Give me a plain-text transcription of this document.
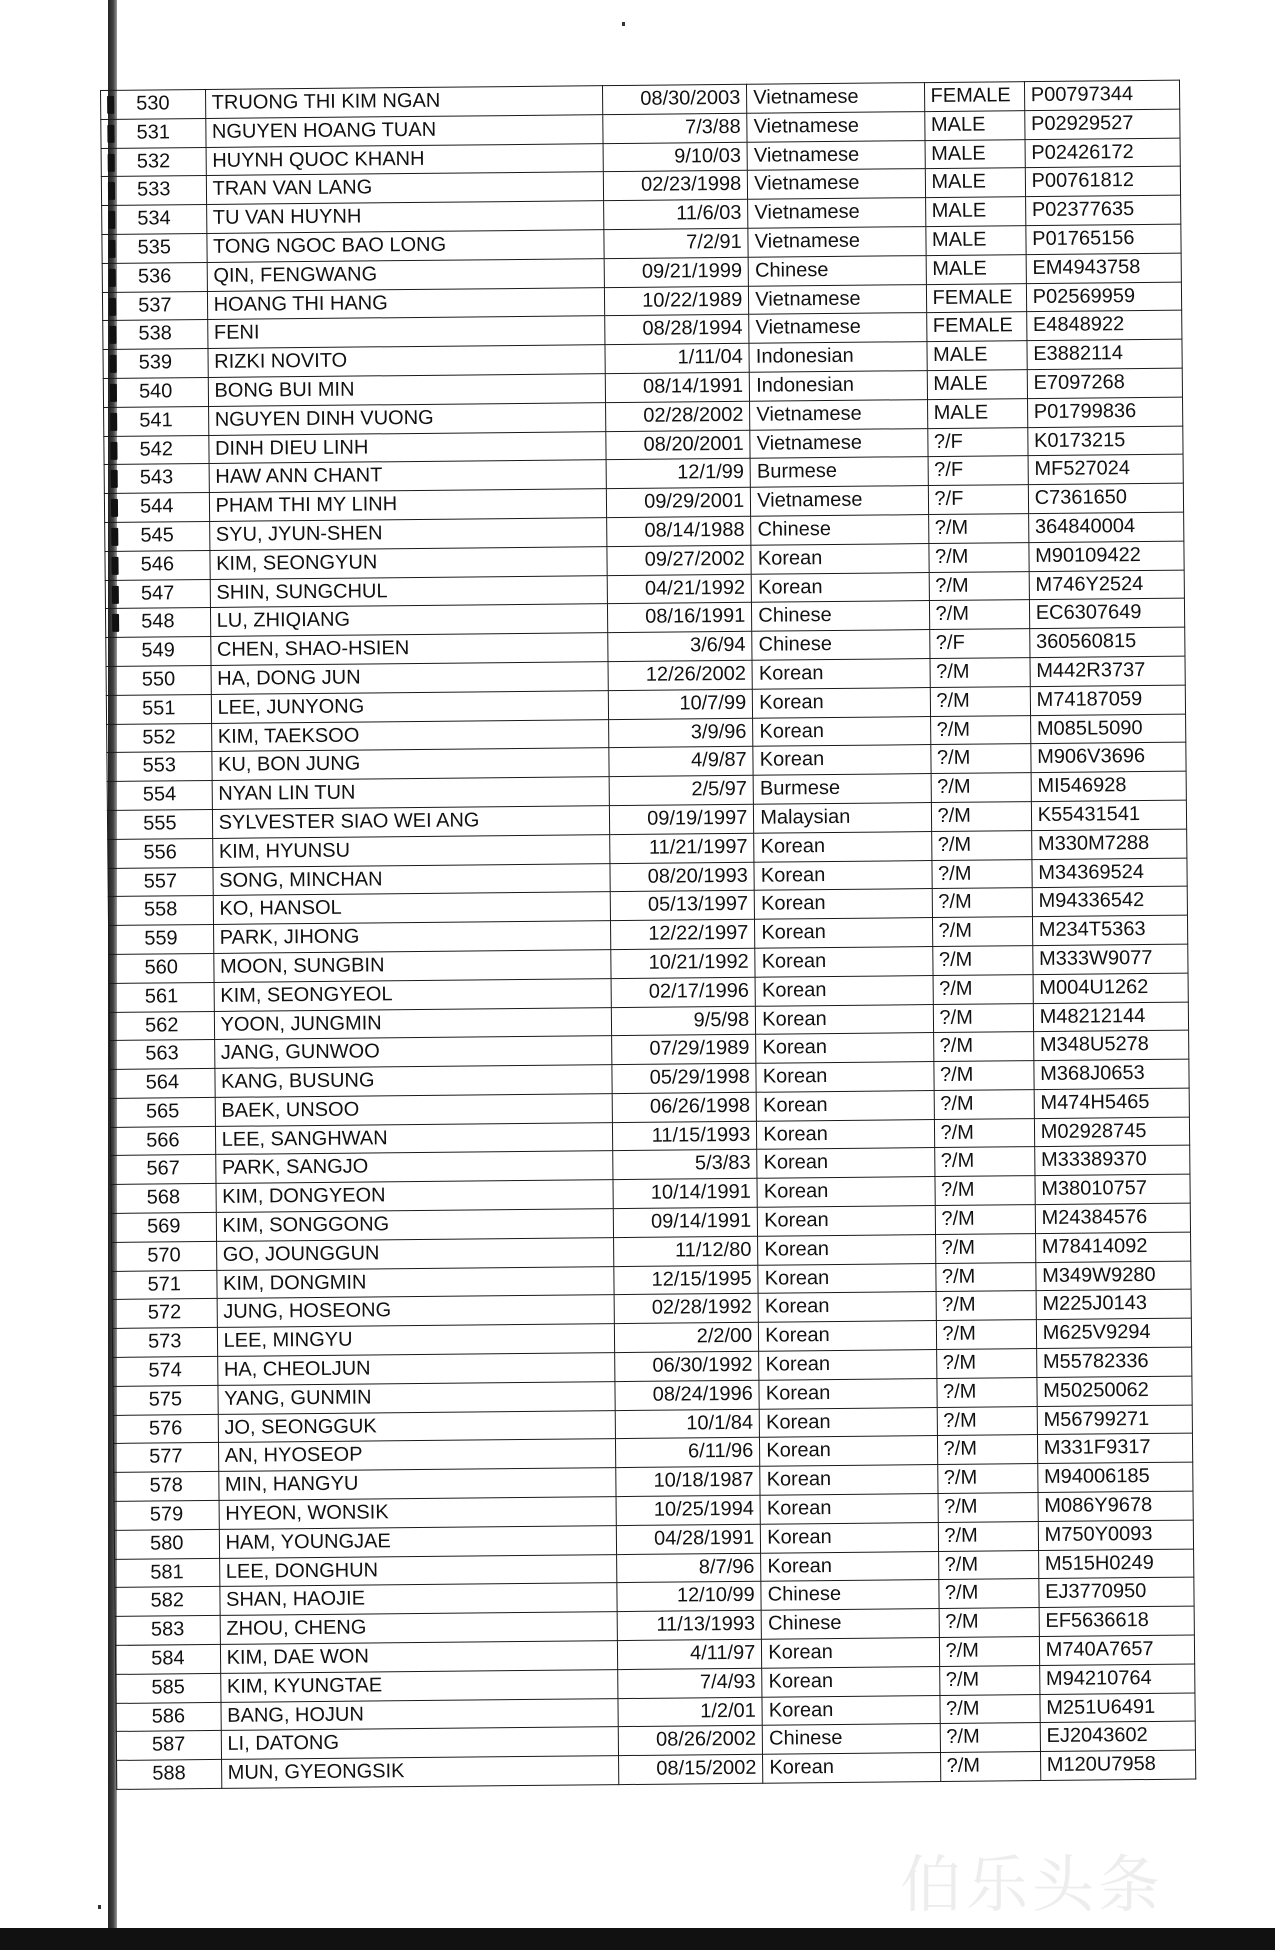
530	TRUONG THI KIM NGAN	08/30/2003	Vietnamese	FEMALE	P00797344

531	NGUYEN HOANG TUAN	7/3/88	Vietnamese	MALE	P02929527

532	HUYNH QUOC KHANH	9/10/03	Vietnamese	MALE	P02426172

533	TRAN VAN LANG	02/23/1998	Vietnamese	MALE	P00761812

534	TU VAN HUYNH	11/6/03	Vietnamese	MALE	P02377635

535	TONG NGOC BAO LONG	7/2/91	Vietnamese	MALE	P01765156

536	QIN, FENGWANG	09/21/1999	Chinese	MALE	EM4943758

537	HOANG THI HANG	10/22/1989	Vietnamese	FEMALE	P02569959

538	FENI	08/28/1994	Vietnamese	FEMALE	E4848922

539	RIZKI NOVITO	1/11/04	Indonesian	MALE	E3882114

540	BONG BUI MIN	08/14/1991	Indonesian	MALE	E7097268

541	NGUYEN DINH VUONG	02/28/2002	Vietnamese	MALE	P01799836

542	DINH DIEU LINH	08/20/2001	Vietnamese	?/F	K0173215

543	HAW ANN CHANT	12/1/99	Burmese	?/F	MF527024

544	PHAM THI MY LINH	09/29/2001	Vietnamese	?/F	C7361650

545	SYU, JYUN-SHEN	08/14/1988	Chinese	?/M	364840004

546	KIM, SEONGYUN	09/27/2002	Korean	?/M	M90109422

547	SHIN, SUNGCHUL	04/21/1992	Korean	?/M	M746Y2524

548	LU, ZHIQIANG	08/16/1991	Chinese	?/M	EC6307649
549	CHEN, SHAO-HSIEN	3/6/94	Chinese	?/F	360560815
550	HA, DONG JUN	12/26/2002	Korean	?/M	M442R3737
551	LEE, JUNYONG	10/7/99	Korean	?/M	M74187059
552	KIM, TAEKSOO	3/9/96	Korean	?/M	M085L5090
553	KU, BON JUNG	4/9/87	Korean	?/M	M906V3696
554	NYAN LIN TUN	2/5/97	Burmese	?/M	MI546928
555	SYLVESTER SIAO WEI ANG	09/19/1997	Malaysian	?/M	K55431541
556	KIM, HYUNSU	11/21/1997	Korean	?/M	M330M7288
557	SONG, MINCHAN	08/20/1993	Korean	?/M	M34369524
558	KO, HANSOL	05/13/1997	Korean	?/M	M94336542
559	PARK, JIHONG	12/22/1997	Korean	?/M	M234T5363
560	MOON, SUNGBIN	10/21/1992	Korean	?/M	M333W9077
561	KIM, SEONGYEOL	02/17/1996	Korean	?/M	M004U1262
562	YOON, JUNGMIN	9/5/98	Korean	?/M	M48212144
563	JANG, GUNWOO	07/29/1989	Korean	?/M	M348U5278
564	KANG, BUSUNG	05/29/1998	Korean	?/M	M368J0653
565	BAEK, UNSOO	06/26/1998	Korean	?/M	M474H5465
566	LEE, SANGHWAN	11/15/1993	Korean	?/M	M02928745
567	PARK, SANGJO	5/3/83	Korean	?/M	M33389370
568	KIM, DONGYEON	10/14/1991	Korean	?/M	M38010757
569	KIM, SONGGONG	09/14/1991	Korean	?/M	M24384576
570	GO, JOUNGGUN	11/12/80	Korean	?/M	M78414092
571	KIM, DONGMIN	12/15/1995	Korean	?/M	M349W9280
572	JUNG, HOSEONG	02/28/1992	Korean	?/M	M225J0143
573	LEE, MINGYU	2/2/00	Korean	?/M	M625V9294
574	HA, CHEOLJUN	06/30/1992	Korean	?/M	M55782336
575	YANG, GUNMIN	08/24/1996	Korean	?/M	M50250062
576	JO, SEONGGUK	10/1/84	Korean	?/M	M56799271
577	AN, HYOSEOP	6/11/96	Korean	?/M	M331F9317
578	MIN, HANGYU	10/18/1987	Korean	?/M	M94006185
579	HYEON, WONSIK	10/25/1994	Korean	?/M	M086Y9678
580	HAM, YOUNGJAE	04/28/1991	Korean	?/M	M750Y0093
581	LEE, DONGHUN	8/7/96	Korean	?/M	M515H0249
582	SHAN, HAOJIE	12/10/99	Chinese	?/M	EJ3770950
583	ZHOU, CHENG	11/13/1993	Chinese	?/M	EF5636618
584	KIM, DAE WON	4/11/97	Korean	?/M	M740A7657
585	KIM, KYUNGTAE	7/4/93	Korean	?/M	M94210764
586	BANG, HOJUN	1/2/01	Korean	?/M	M251U6491
587	LI, DATONG	08/26/2002	Chinese	?/M	EJ2043602
588	MUN, GYEONGSIK	08/15/2002	Korean	?/M	M120U7958
伯乐头条
